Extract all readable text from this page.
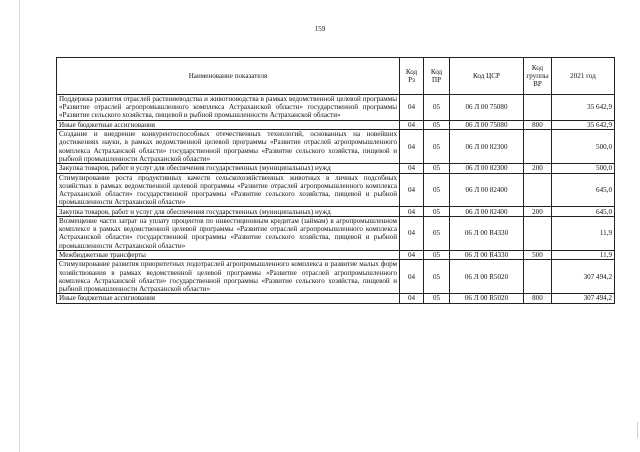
159
Наименование показателя	Код Рз	Код ПР	Код ЦСР	Код группы ВР	2021 год
Поддержка развития отраслей растениеводства и животноводства в рамках ведомственной целевой программы «Развитие отраслей агропромышленного комплекса Астраханской области» государственной программы «Развитие сельского хозяйства, пищевой и рыбной промышленности Астраханской области»	04	05	06 Л 00 75080		35 642,9
Иные бюджетные ассигнования	04	05	06 Л 00 75080	800	35 642,9
Создание и внедрение конкурентоспособных отечественных технологий, основанных на новейших достижениях науки, в рамках ведомственной целевой программы «Развитие отраслей агропромышленного комплекса Астраханской области» государственной программы «Развитие сельского хозяйства, пищевой и рыбной промышленности Астраханской области»	04	05	06 Л 00 82300		500,0
Закупка товаров, работ и услуг для обеспечения государственных (муниципальных) нужд	04	05	06 Л 00 82300	200	500,0
Стимулирование роста продуктивных качеств сельскохозяйственных животных в личных подсобных хозяйствах в рамках ведомственной целевой программы «Развитие отраслей агропромышленного комплекса Астраханской области» государственной программы «Развитие сельского хозяйства, пищевой и рыбной промышленности Астраханской области»	04	05	06 Л 00 82400		645,0
Закупка товаров, работ и услуг для обеспечения государственных (муниципальных) нужд	04	05	06 Л 00 82400	200	645,0
Возмещение части затрат на уплату процентов по инвестиционным кредитам (займам) в агропромышленном комплексе в рамках ведомственной целевой программы «Развитие отраслей агропромышленного комплекса Астраханской области» государственной программы «Развитие сельского хозяйства, пищевой и рыбной промышленности Астраханской области»	04	05	06 Л 00 R4330		11,9
Межбюджетные трансферты	04	05	06 Л 00 R4330	500	11,9
Стимулирование развития приоритетных подотраслей агропромышленного комплекса и развитие малых форм хозяйствования в рамках ведомственной целевой программы «Развитие отраслей агропромышленного комплекса Астраханской области» государственной программы «Развитие сельского хозяйства, пищевой и рыбной промышленности Астраханской области»	04	05	06 Л 00 R5020		307 494,2
Иные бюджетные ассигнования	04	05	06 Л 00 R5020	800	307 494,2
